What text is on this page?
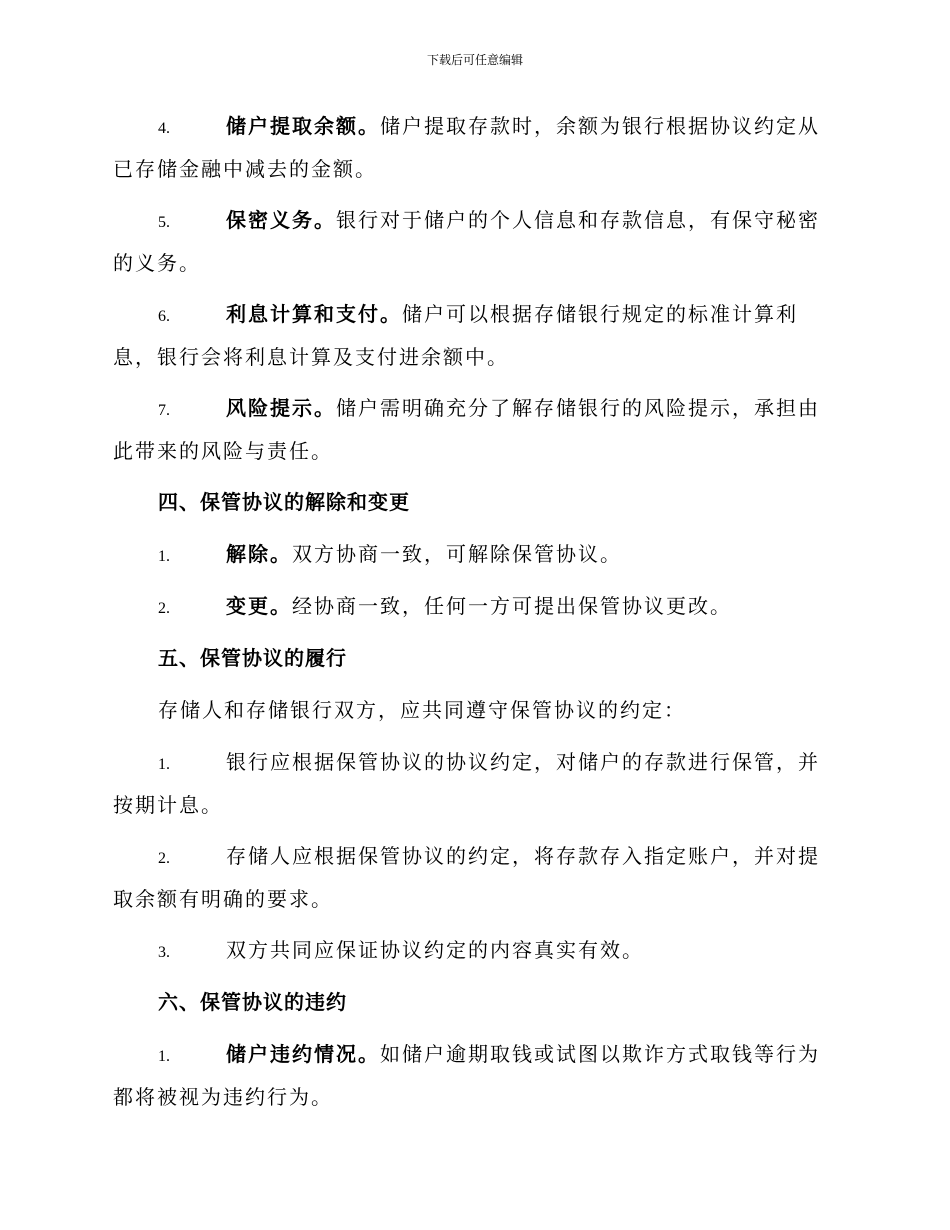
下载后可任意编辑
4.	储户提取余额。储户提取存款时，余额为银行根据协议约定从已存储金融中减去的金额。
5.	保密义务。银行对于储户的个人信息和存款信息，有保守秘密的义务。
6.	利息计算和支付。储户可以根据存储银行规定的标准计算利息，银行会将利息计算及支付进余额中。
7.	风险提示。储户需明确充分了解存储银行的风险提示，承担由此带来的风险与责任。
四、保管协议的解除和变更
1.	解除。双方协商一致，可解除保管协议。
2.	变更。经协商一致，任何一方可提出保管协议更改。
五、保管协议的履行
存储人和存储银行双方，应共同遵守保管协议的约定：
1.	银行应根据保管协议的协议约定，对储户的存款进行保管，并按期计息。
2.	存储人应根据保管协议的约定，将存款存入指定账户，并对提取余额有明确的要求。
3.	双方共同应保证协议约定的内容真实有效。
六、保管协议的违约
1.	储户违约情况。如储户逾期取钱或试图以欺诈方式取钱等行为都将被视为违约行为。
